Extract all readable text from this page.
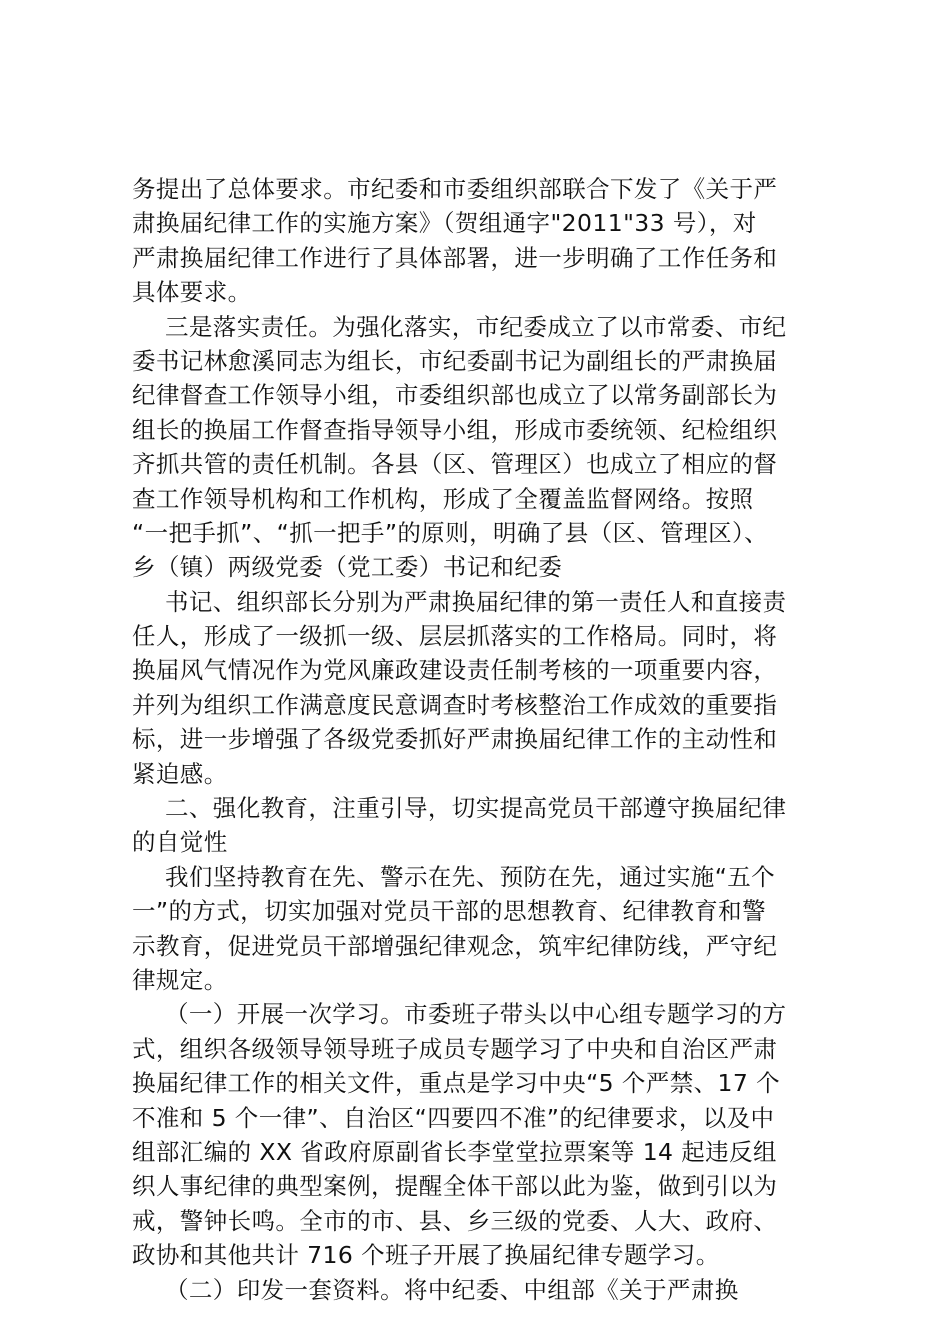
务提出了总体要求。市纪委和市委组织部联合下发了《关于严
肃换届纪律工作的实施方案》（贺组通字"2011"33 号），对
严肃换届纪律工作进行了具体部署，进一步明确了工作任务和
具体要求。
三是落实责任。为强化落实，市纪委成立了以市常委、市纪
委书记林愈溪同志为组长，市纪委副书记为副组长的严肃换届
纪律督查工作领导小组，市委组织部也成立了以常务副部长为
组长的换届工作督查指导领导小组，形成市委统领、纪检组织
齐抓共管的责任机制。各县（区、管理区）也成立了相应的督
查工作领导机构和工作机构，形成了全覆盖监督网络。按照
“一把手抓”、“抓一把手”的原则，明确了县（区、管理区）、
乡（镇）两级党委（党工委）书记和纪委
书记、组织部长分别为严肃换届纪律的第一责任人和直接责
任人，形成了一级抓一级、层层抓落实的工作格局。同时，将
换届风气情况作为党风廉政建设责任制考核的一项重要内容，
并列为组织工作满意度民意调查时考核整治工作成效的重要指
标，进一步增强了各级党委抓好严肃换届纪律工作的主动性和
紧迫感。
二、强化教育，注重引导，切实提高党员干部遵守换届纪律
的自觉性
我们坚持教育在先、警示在先、预防在先，通过实施“五个
一”的方式，切实加强对党员干部的思想教育、纪律教育和警
示教育，促进党员干部增强纪律观念，筑牢纪律防线，严守纪
律规定。
（一）开展一次学习。市委班子带头以中心组专题学习的方
式，组织各级领导领导班子成员专题学习了中央和自治区严肃
换届纪律工作的相关文件，重点是学习中央“5 个严禁、17 个
不准和 5 个一律”、自治区“四要四不准”的纪律要求，以及中
组部汇编的 XX 省政府原副省长李堂堂拉票案等 14 起违反组
织人事纪律的典型案例，提醒全体干部以此为鉴，做到引以为
戒，警钟长鸣。全市的市、县、乡三级的党委、人大、政府、
政协和其他共计 716 个班子开展了换届纪律专题学习。
（二）印发一套资料。将中纪委、中组部《关于严肃换
